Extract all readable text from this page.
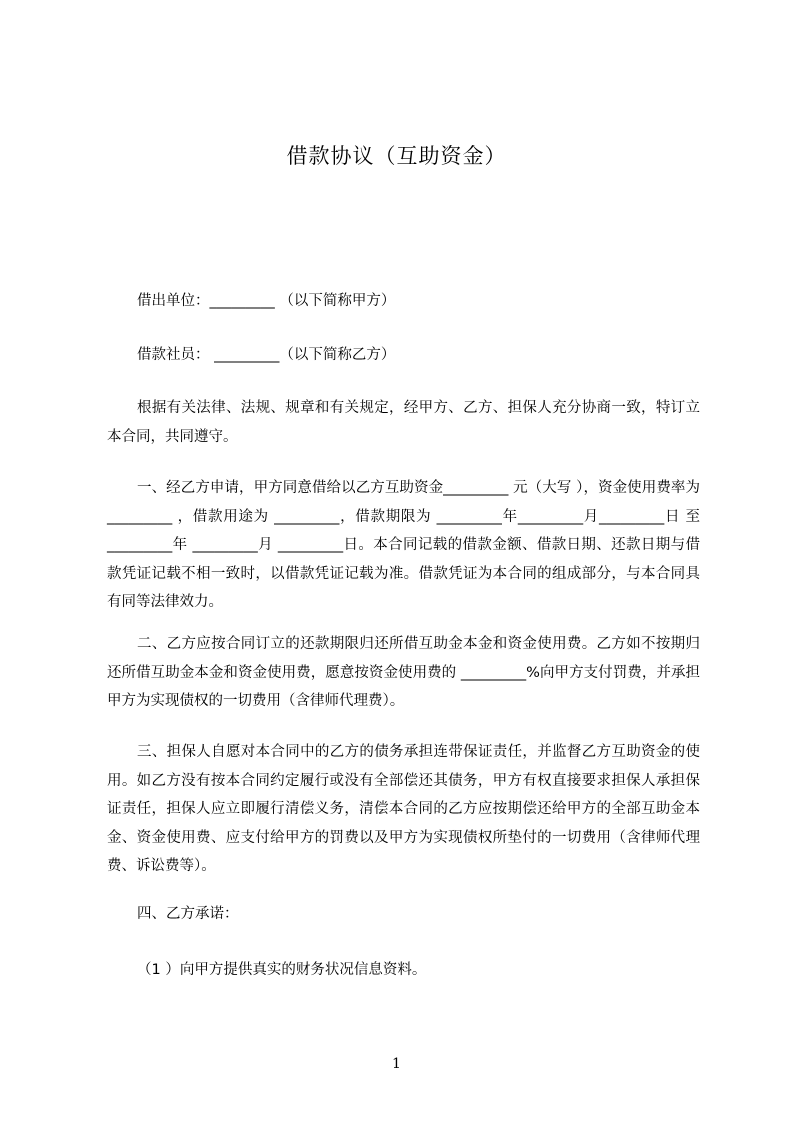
借款协议（互助资金）
借出单位：_________ （以下简称甲方）
借款社员： _________（以下简称乙方）
根据有关法律、法规、规章和有关规定，经甲方、乙方、担保人充分协商一致，特订立本合同，共同遵守。
一、经乙方申请，甲方同意借给以乙方互助资金_________ 元（大写 ），资金使用费率为_________ ，借款用途为 _________，借款期限为 _________年_________月_________日 至 _________年 _________月 _________日。本合同记载的借款金额、借款日期、还款日期与借款凭证记载不相一致时，以借款凭证记载为准。借款凭证为本合同的组成部分，与本合同具有同等法律效力。
二、乙方应按合同订立的还款期限归还所借互助金本金和资金使用费。乙方如不按期归还所借互助金本金和资金使用费，愿意按资金使用费的 _________%向甲方支付罚费，并承担甲方为实现债权的一切费用（含律师代理费）。
三、担保人自愿对本合同中的乙方的债务承担连带保证责任，并监督乙方互助资金的使用。如乙方没有按本合同约定履行或没有全部偿还其债务，甲方有权直接要求担保人承担保证责任，担保人应立即履行清偿义务，清偿本合同的乙方应按期偿还给甲方的全部互助金本金、资金使用费、应支付给甲方的罚费以及甲方为实现债权所垫付的一切费用（含律师代理费、诉讼费等）。
四、乙方承诺：
（1 ）向甲方提供真实的财务状况信息资料。
1
